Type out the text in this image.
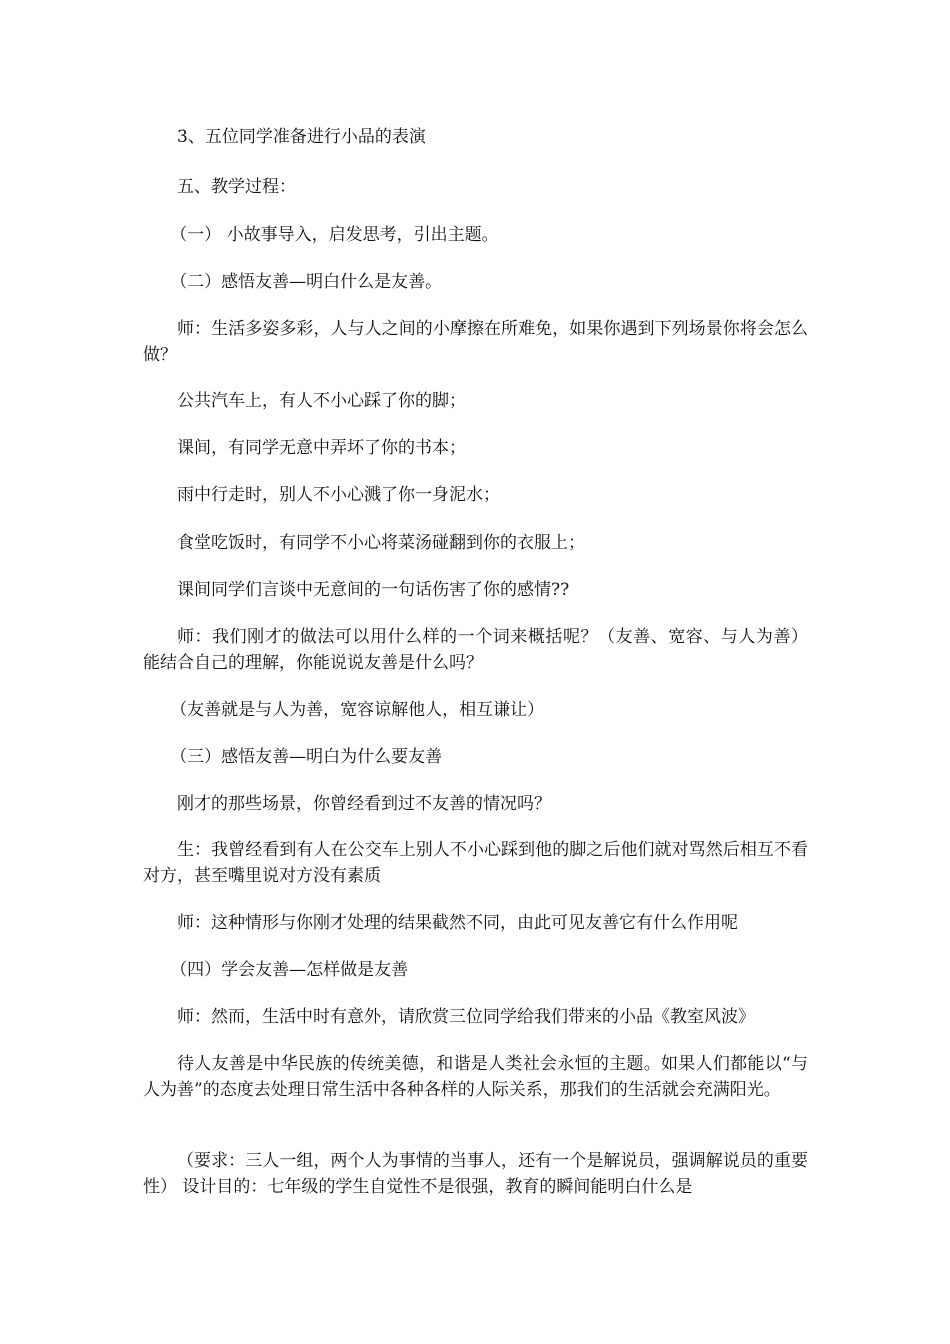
3、五位同学准备进行小品的表演

五、教学过程：

（一） 小故事导入，启发思考，引出主题。

（二）感悟友善—明白什么是友善。

师：生活多姿多彩，人与人之间的小摩擦在所难免，如果你遇到下列场景你将会怎么做？

公共汽车上，有人不小心踩了你的脚；

课间，有同学无意中弄坏了你的书本；

雨中行走时，别人不小心溅了你一身泥水；

食堂吃饭时，有同学不小心将菜汤碰翻到你的衣服上；

课间同学们言谈中无意间的一句话伤害了你的感情??

师：我们刚才的做法可以用什么样的一个词来概括呢？（友善、宽容、与人为善） 能结合自己的理解，你能说说友善是什么吗？

（友善就是与人为善，宽容谅解他人，相互谦让）

（三）感悟友善—明白为什么要友善

刚才的那些场景，你曾经看到过不友善的情况吗？

生：我曾经看到有人在公交车上别人不小心踩到他的脚之后他们就对骂然后相互不看对方，甚至嘴里说对方没有素质

师：这种情形与你刚才处理的结果截然不同，由此可见友善它有什么作用呢

（四）学会友善—怎样做是友善

师：然而，生活中时有意外，请欣赏三位同学给我们带来的小品《教室风波》

待人友善是中华民族的传统美德，和谐是人类社会永恒的主题。如果人们都能以“与人为善”的态度去处理日常生活中各种各样的人际关系，那我们的生活就会充满阳光。

（要求：三人一组，两个人为事情的当事人，还有一个是解说员，强调解说员的重要性） 设计目的：七年级的学生自觉性不是很强，教育的瞬间能明白什么是
